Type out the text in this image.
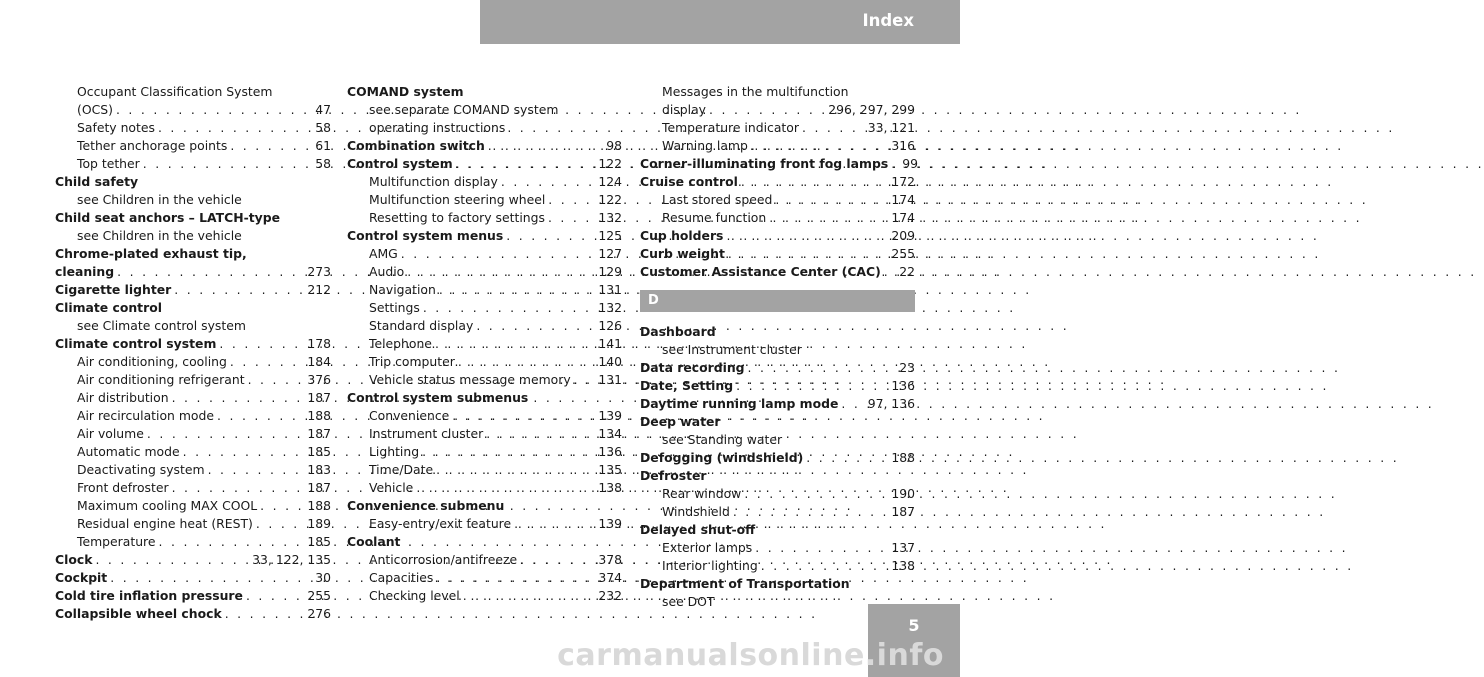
Index
Occupant Classification System
(OCS) . . .	47
Safety notes . . .	58
Tether anchorage points . . .	61
Top tether . . .	58
Child safety
see Children in the vehicle
Child seat anchors – LATCH-type
see Children in the vehicle
Chrome-plated exhaust tip,
cleaning . . .	273
Cigarette lighter . . .	212
Climate control
see Climate control system
Climate control system . . .	178
Air conditioning, cooling . . .	184
Air conditioning refrigerant . . .	376
Air distribution . . .	187
Air recirculation mode . . .	188
Air volume . . .	187
Automatic mode . . .	185
Deactivating system . . .	183
Front defroster . . .	187
Maximum cooling MAX COOL . . .	188
Residual engine heat (REST) . . .	189
Temperature . . .	185
Clock . . .	33, 122, 135
Cockpit . . .	30
Cold tire inflation pressure . . .	255
Collapsible wheel chock . . .	276
COMAND system
see separate COMAND system
operating instructions
Combination switch . . .	98
Control system . . .	122
Multifunction display . . .	124
Multifunction steering wheel . . .	122
Resetting to factory settings . . .	132
Control system menus . . .	125
AMG . . .	127
Audio . . .	129
Navigation . . .	131
Settings . . .	132
Standard display . . .	126
Telephone . . .	141
Trip computer . . .	140
Vehicle status message memory . . . 131
Control system submenus
Convenience . . .	139
Instrument cluster . . .	134
Lighting . . .	136
Time/Date . . .	135
Vehicle . . .	138
Convenience submenu
Easy-entry/exit feature . . .	139
Coolant
Anticorrosion/antifreeze . . .	378
Capacities . . .	374
Checking level . . .	232
Messages in the multifunction
display . . .	296, 297, 299
Temperature indicator . . .	33, 121
Warning lamp . . .	316
Corner-illuminating front fog lamps . . . 99
Cruise control . . .	172
Last stored speed . . .	174
Resume function . . .	174
Cup holders . . .	209
Curb weight . . .	255
Customer Assistance Center (CAC) . . . 22
D
Dashboard
see Instrument cluster
Data recording . . .	23
Date, Setting . . .	136
Daytime running lamp mode . . . 97, 136
Deep water
see Standing water
Defogging (windshield) . . .	188
Defroster
Rear window . . .	190
Windshield . . .	187
Delayed shut-off
Exterior lamps . . .	137
Interior lighting . . .	138
Department of Transportation
see DOT
5
carmanualsonline.info
